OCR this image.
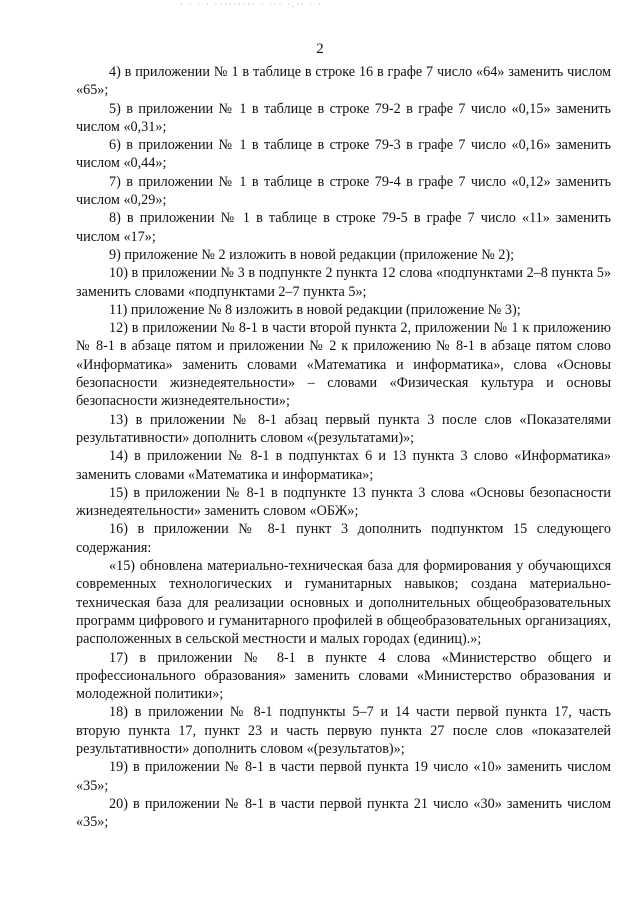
· · · · ········· · ··· ·.·· · ·
2

4) в приложении № 1 в таблице в строке 16 в графе 7 число «64» заменить числом «65»;

5) в приложении № 1 в таблице в строке 79-2 в графе 7 число «0,15» заменить числом «0,31»;

6) в приложении № 1 в таблице в строке 79-3 в графе 7 число «0,16» заменить числом «0,44»;

7) в приложении № 1 в таблице в строке 79-4 в графе 7 число «0,12» заменить числом «0,29»;

8) в приложении № 1 в таблице в строке 79-5 в графе 7 число «11» заменить числом «17»;

9) приложение № 2 изложить в новой редакции (приложение № 2);

10) в приложении № 3 в подпункте 2 пункта 12 слова «подпунктами 2–8 пункта 5» заменить словами «подпунктами 2–7 пункта 5»;

11) приложение № 8 изложить в новой редакции (приложение № 3);

12) в приложении № 8-1 в части второй пункта 2, приложении № 1 к приложению № 8-1 в абзаце пятом и приложении № 2 к приложению № 8-1 в абзаце пятом слово «Информатика» заменить словами «Математика и информатика», слова «Основы безопасности жизнедеятельности» – словами «Физическая культура и основы безопасности жизнедеятельности»;

13) в приложении № 8-1 абзац первый пункта 3 после слов «Показателями результативности» дополнить словом «(результатами)»;

14) в приложении № 8-1 в подпунктах 6 и 13 пункта 3 слово «Информатика» заменить словами «Математика и информатика»;

15) в приложении № 8-1 в подпункте 13 пункта 3 слова «Основы безопасности жизнедеятельности» заменить словом «ОБЖ»;

16) в приложении № 8-1 пункт 3 дополнить подпунктом 15 следующего содержания:

«15) обновлена материально-техническая база для формирования у обучающихся современных технологических и гуманитарных навыков; создана материально-техническая база для реализации основных и дополнительных общеобразовательных программ цифрового и гуманитарного профилей в общеобразовательных организациях, расположенных в сельской местности и малых городах (единиц).»;

17) в приложении № 8-1 в пункте 4 слова «Министерство общего и профессионального образования» заменить словами «Министерство образования и молодежной политики»;

18) в приложении № 8-1 подпункты 5–7 и 14 части первой пункта 17, часть вторую пункта 17, пункт 23 и часть первую пункта 27 после слов «показателей результативности» дополнить словом «(результатов)»;

19) в приложении № 8-1 в части первой пункта 19 число «10» заменить числом «35»;

20) в приложении № 8-1 в части первой пункта 21 число «30» заменить числом «35»;
